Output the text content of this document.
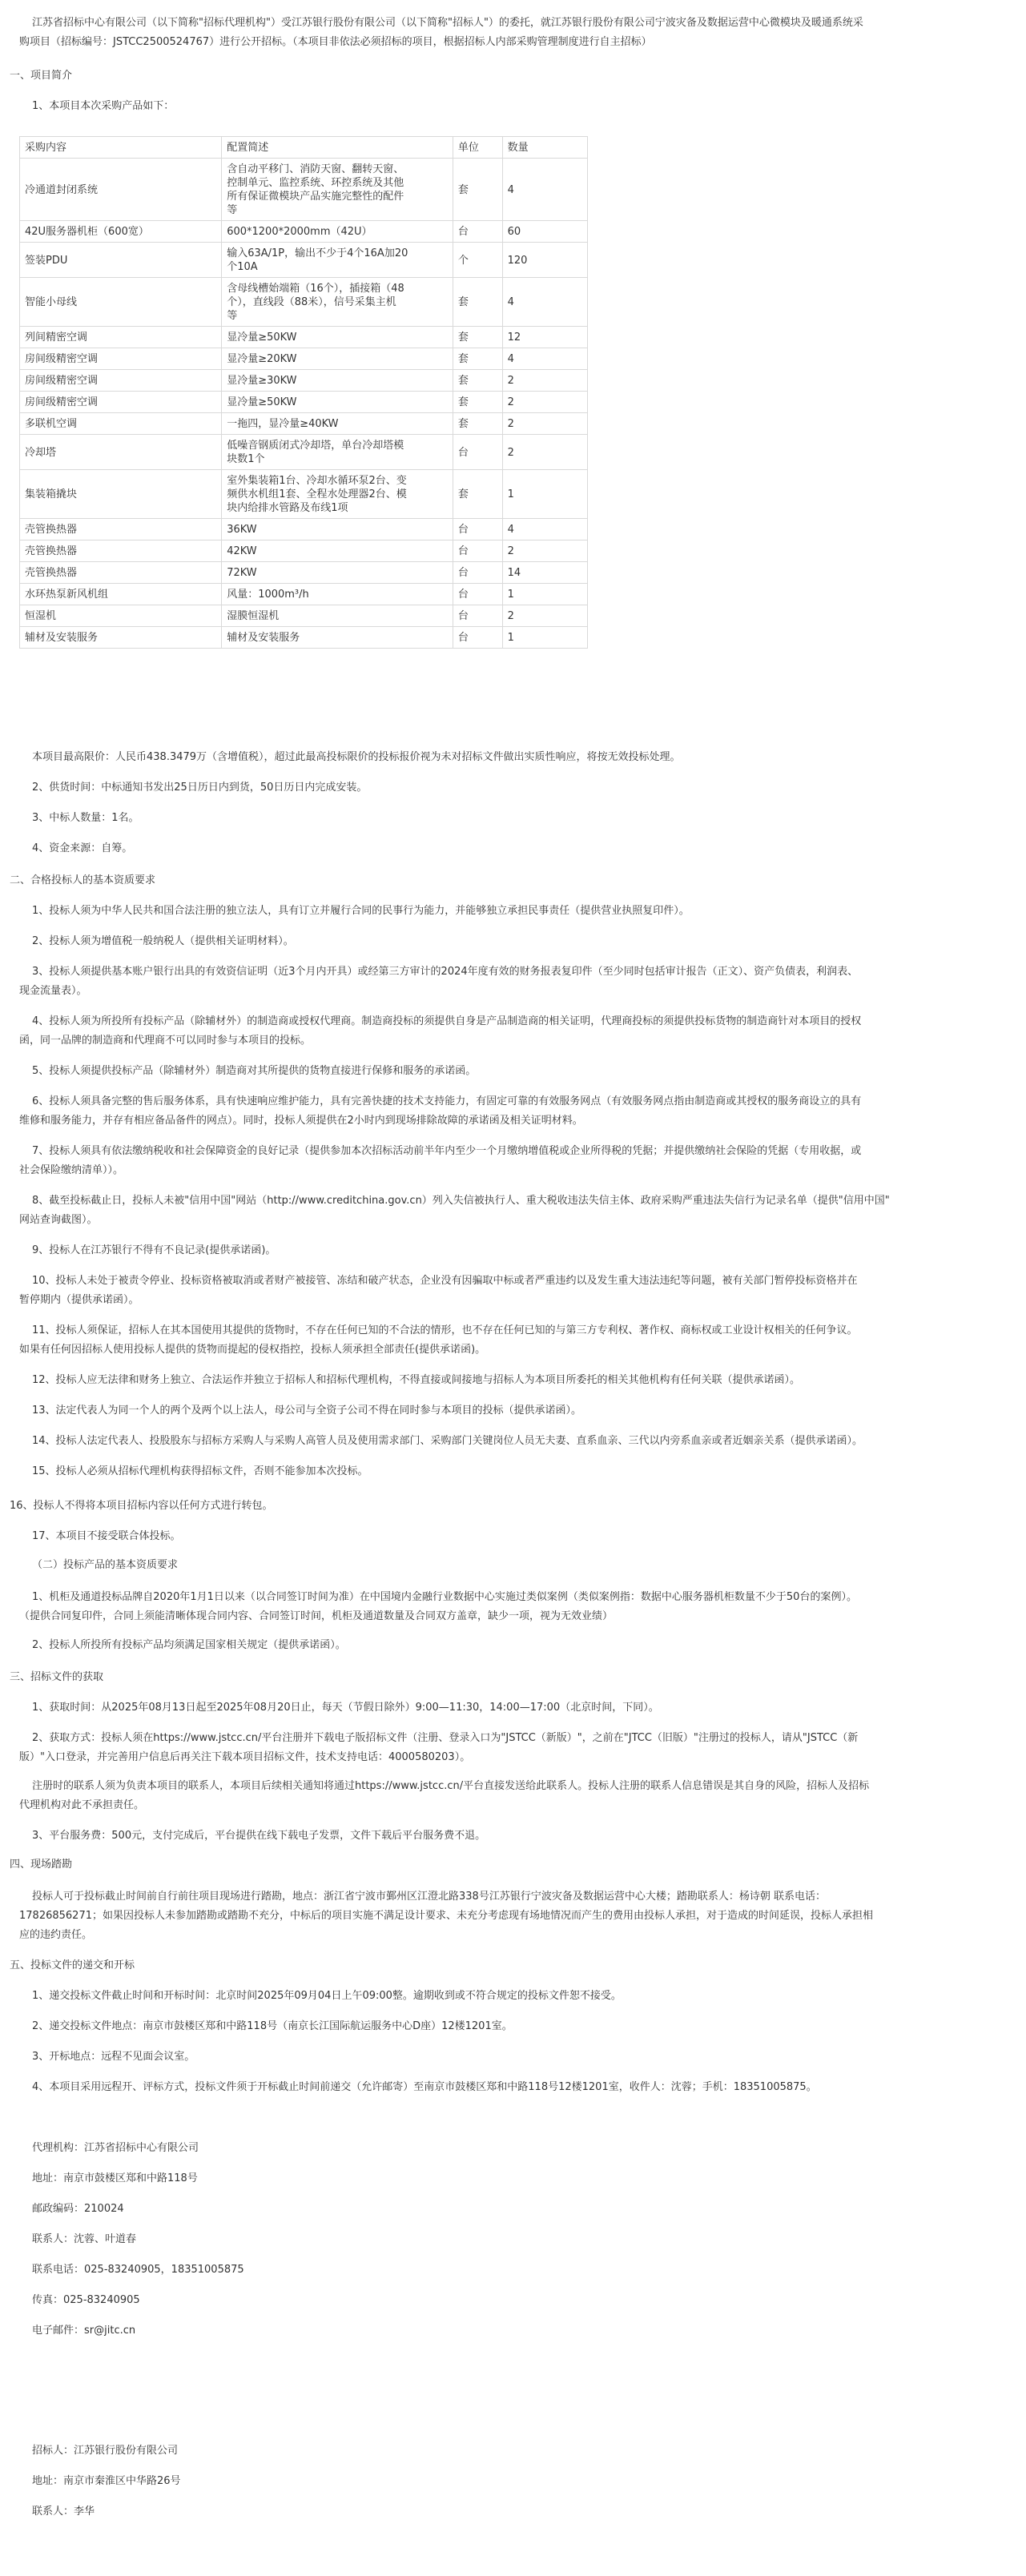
江苏省招标中心有限公司（以下简称"招标代理机构"）受江苏银行股份有限公司（以下简称"招标人"）的委托，就江苏银行股份有限公司宁波灾备及数据运营中心微模块及暖通系统采
购项目（招标编号：JSTCC2500524767）进行公开招标。（本项目非依法必须招标的项目，根据招标人内部采购管理制度进行自主招标）
一、项目简介
1、本项目本次采购产品如下：
采购内容	配置简述	单位	数量
冷通道封闭系统	含自动平移门、消防天窗、翻转天窗、
控制单元、监控系统、环控系统及其他
所有保证微模块产品实施完整性的配件
等	套	4
42U服务器机柜（600宽）	600*1200*2000mm（42U）	台	60
签装PDU	输入63A/1P，输出不少于4个16A加20
个10A	个	120
智能小母线	含母线槽始端箱（16个），插接箱（48
个），直线段（88米），信号采集主机
等	套	4
列间精密空调	显冷量≥50KW	套	12
房间级精密空调	显冷量≥20KW	套	4
房间级精密空调	显冷量≥30KW	套	2
房间级精密空调	显冷量≥50KW	套	2
多联机空调	一拖四，显冷量≥40KW	套	2
冷却塔	低噪音钢质闭式冷却塔，单台冷却塔模
块数1个	台	2
集装箱撬块	室外集装箱1台、冷却水循环泵2台、变
频供水机组1套、全程水处理器2台、模
块内给排水管路及布线1项	套	1
壳管换热器	36KW	台	4
壳管换热器	42KW	台	2
壳管换热器	72KW	台	14
水环热泵新风机组	风量：1000m³/h	台	1
恒湿机	湿膜恒湿机	台	2
辅材及安装服务	辅材及安装服务	台	1
本项目最高限价：人民币438.3479万（含增值税），超过此最高投标限价的投标报价视为未对招标文件做出实质性响应，将按无效投标处理。
2、供货时间：中标通知书发出25日历日内到货，50日历日内完成安装。
3、中标人数量：1名。
4、资金来源：自筹。
二、合格投标人的基本资质要求
1、投标人须为中华人民共和国合法注册的独立法人，具有订立并履行合同的民事行为能力，并能够独立承担民事责任（提供营业执照复印件）。
2、投标人须为增值税一般纳税人（提供相关证明材料）。
3、投标人须提供基本账户银行出具的有效资信证明（近3个月内开具）或经第三方审计的2024年度有效的财务报表复印件（至少同时包括审计报告（正文）、资产负债表，利润表、
现金流量表）。
4、投标人须为所投所有投标产品（除辅材外）的制造商或授权代理商。制造商投标的须提供自身是产品制造商的相关证明，代理商投标的须提供投标货物的制造商针对本项目的授权
函，同一品牌的制造商和代理商不可以同时参与本项目的投标。
5、投标人须提供投标产品（除辅材外）制造商对其所提供的货物直接进行保修和服务的承诺函。
6、投标人须具备完整的售后服务体系，具有快速响应维护能力，具有完善快捷的技术支持能力，有固定可靠的有效服务网点（有效服务网点指由制造商或其授权的服务商设立的具有
维修和服务能力，并存有相应备品备件的网点）。同时，投标人须提供在2小时内到现场排除故障的承诺函及相关证明材料。
7、投标人须具有依法缴纳税收和社会保障资金的良好记录（提供参加本次招标活动前半年内至少一个月缴纳增值税或企业所得税的凭据；并提供缴纳社会保险的凭据（专用收据，或
社会保险缴纳清单））。
8、截至投标截止日，投标人未被"信用中国"网站（http://www.creditchina.gov.cn）列入失信被执行人、重大税收违法失信主体、政府采购严重违法失信行为记录名单（提供"信用中国"
网站查询截图）。
9、投标人在江苏银行不得有不良记录(提供承诺函)。
10、投标人未处于被责令停业、投标资格被取消或者财产被接管、冻结和破产状态，企业没有因骗取中标或者严重违约以及发生重大违法违纪等问题，被有关部门暂停投标资格并在
暂停期内（提供承诺函）。
11、投标人须保证，招标人在其本国使用其提供的货物时，不存在任何已知的不合法的情形，也不存在任何已知的与第三方专利权、著作权、商标权或工业设计权相关的任何争议。
如果有任何因招标人使用投标人提供的货物而提起的侵权指控，投标人须承担全部责任(提供承诺函)。
12、投标人应无法律和财务上独立、合法运作并独立于招标人和招标代理机构，不得直接或间接地与招标人为本项目所委托的相关其他机构有任何关联（提供承诺函）。
13、法定代表人为同一个人的两个及两个以上法人，母公司与全资子公司不得在同时参与本项目的投标（提供承诺函）。
14、投标人法定代表人、投股股东与招标方采购人与采购人高管人员及使用需求部门、采购部门关键岗位人员无夫妻、直系血亲、三代以内旁系血亲或者近姻亲关系（提供承诺函）。
15、投标人必须从招标代理机构获得招标文件，否则不能参加本次投标。
16、投标人不得将本项目招标内容以任何方式进行转包。
17、本项目不接受联合体投标。
（二）投标产品的基本资质要求
1、机柜及通道投标品牌自2020年1月1日以来（以合同签订时间为准）在中国境内金融行业数据中心实施过类似案例（类似案例指：数据中心服务器机柜数量不少于50台的案例）。
（提供合同复印件，合同上须能清晰体现合同内容、合同签订时间，机柜及通道数量及合同双方盖章，缺少一项，视为无效业绩）
2、投标人所投所有投标产品均须满足国家相关规定（提供承诺函）。
三、招标文件的获取
1、获取时间：从2025年08月13日起至2025年08月20日止，每天（节假日除外）9:00—11:30，14:00—17:00（北京时间，下同）。
2、获取方式：投标人须在https://www.jstcc.cn/平台注册并下载电子版招标文件（注册、登录入口为"JSTCC（新版）"，之前在"JTCC（旧版）"注册过的投标人，请从"JSTCC（新
版）"入口登录，并完善用户信息后再关注下载本项目招标文件，技术支持电话：4000580203）。
注册时的联系人须为负责本项目的联系人，本项目后续相关通知将通过https://www.jstcc.cn/平台直接发送给此联系人。投标人注册的联系人信息错误是其自身的风险，招标人及招标
代理机构对此不承担责任。
3、平台服务费：500元，支付完成后，平台提供在线下载电子发票，文件下载后平台服务费不退。
四、现场踏勘
投标人可于投标截止时间前自行前往项目现场进行踏勘，地点：浙江省宁波市鄞州区江澄北路338号江苏银行宁波灾备及数据运营中心大楼；踏勘联系人：杨诗朝 联系电话：
17826856271；如果因投标人未参加踏勘或踏勘不充分，中标后的项目实施不满足设计要求、未充分考虑现有场地情况而产生的费用由投标人承担，对于造成的时间延误，投标人承担相
应的违约责任。
五、投标文件的递交和开标
1、递交投标文件截止时间和开标时间：北京时间2025年09月04日上午09:00整。逾期收到或不符合规定的投标文件恕不接受。
2、递交投标文件地点：南京市鼓楼区郑和中路118号（南京长江国际航运服务中心D座）12楼1201室。
3、开标地点：远程不见面会议室。
4、本项目采用远程开、评标方式，投标文件须于开标截止时间前递交（允许邮寄）至南京市鼓楼区郑和中路118号12楼1201室，收件人：沈蓉；手机：18351005875。
代理机构：江苏省招标中心有限公司
地址：南京市鼓楼区郑和中路118号
邮政编码：210024
联系人：沈蓉、叶道春
联系电话：025-83240905，18351005875
传真：025-83240905
电子邮件：sr@jitc.cn
招标人：江苏银行股份有限公司
地址：南京市秦淮区中华路26号
联系人：李华
